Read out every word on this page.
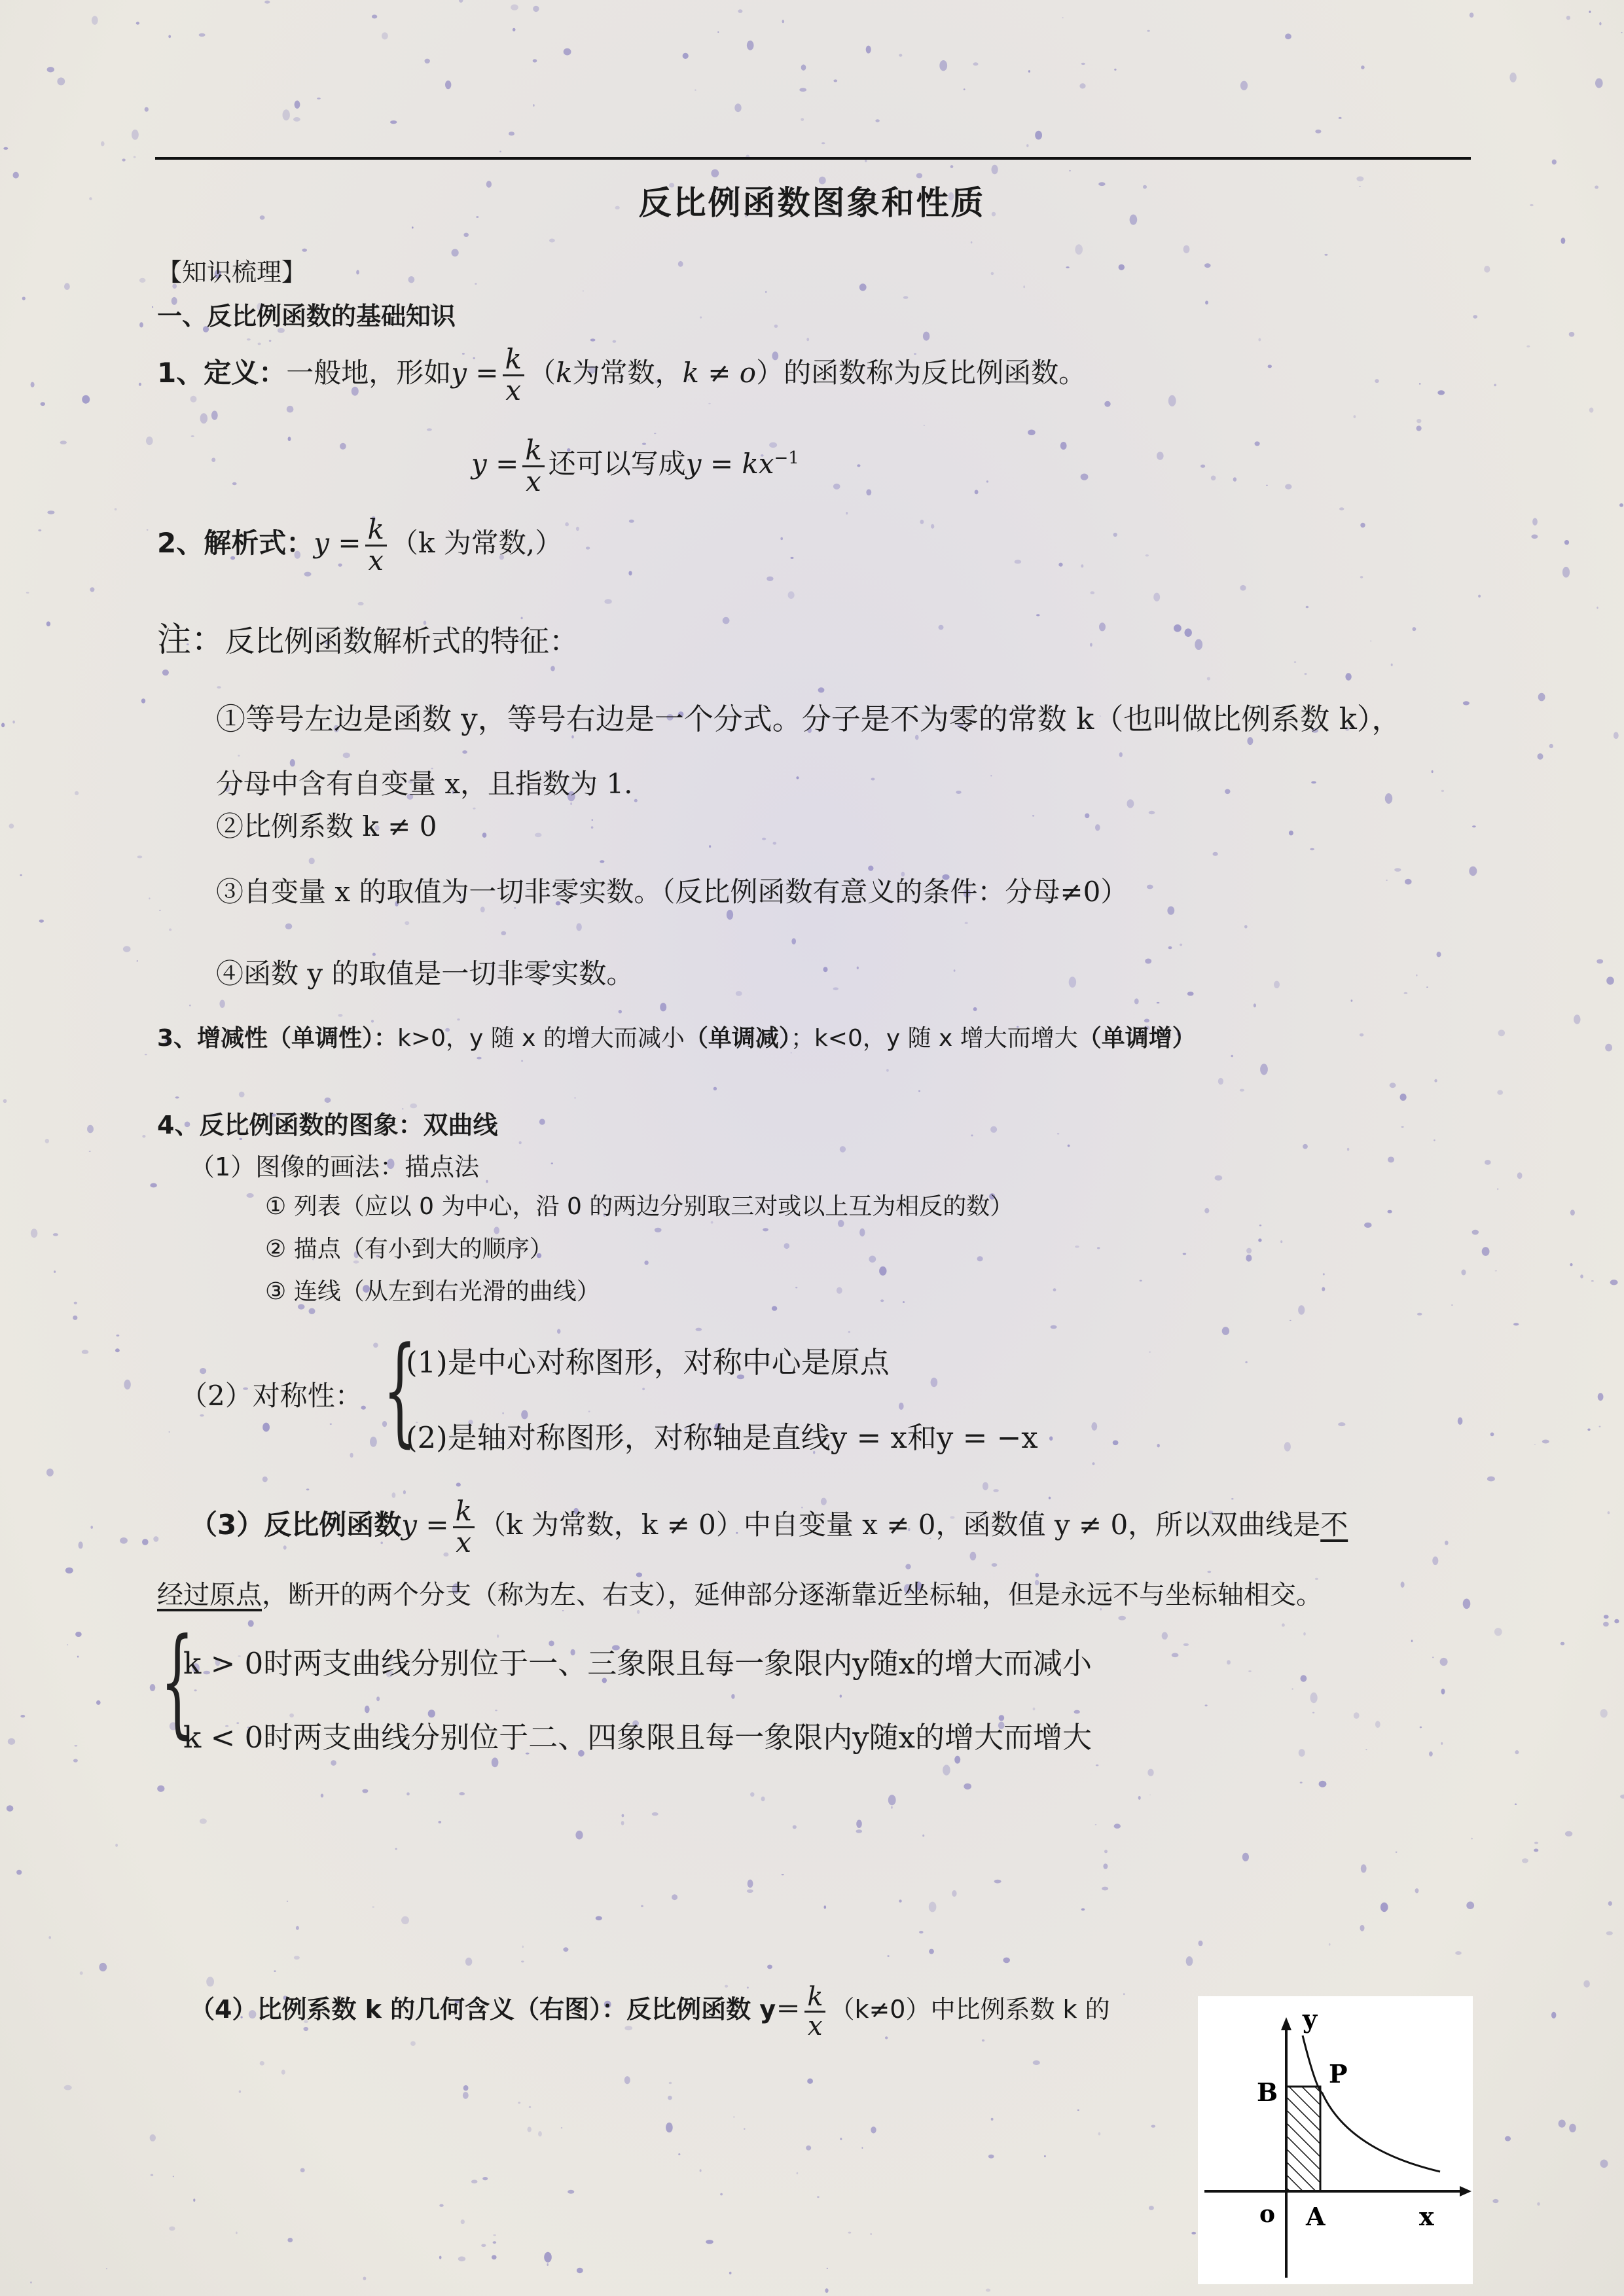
反比例函数图象和性质
【知识梳理】
一、反比例函数的基础知识
1、定义：一般地，形如$y = \frac{k}{x} (k$为常数，k ≠ o）的函数称为反比例函数。
$y = \frac{k}{x}$ 还可以写成$y = kx^{-1}$
2、解析式：$y = \frac{k}{x} (k$ 为常数,）
注：反比例函数解析式的特征：
①等号左边是函数 y，等号右边是一个分式。分子是不为零的常数 k（也叫做比例系数 k），
分母中含有自变量 x，且指数为 1.
②比例系数 k ≠ 0
③自变量 x 的取值为一切非零实数。（反比例函数有意义的条件：分母≠0）
④函数 y 的取值是一切非零实数。
3、增减性（单调性）：k>0，y 随 x 的增大而减小（单调减）；k<0，y 随 x 增大而增大（单调增）
4、反比例函数的图象：双曲线
（1）图像的画法：描点法
① 列表（应以 0 为中心，沿 0 的两边分别取三对或以上互为相反的数）
② 描点（有小到大的顺序）
③ 连线（从左到右光滑的曲线）
（2）对称性： {
(1)是中心对称图形，对称中心是原点
(2)是轴对称图形，对称轴是直线y = x和y = −x
（3）反比例函数$y = \frac{k}{x} (k$ 为常数，k ≠ 0）中自变量 x ≠ 0，函数值 y ≠ 0，所以双曲线是不
经过原点，断开的两个分支（称为左、右支），延伸部分逐渐靠近坐标轴，但是永远不与坐标轴相交。
{
k > 0时两支曲线分别位于一、三象限且每一象限内y随x的增大而减小
k < 0时两支曲线分别位于二、四象限且每一象限内y随x的增大而增大
（4）比例系数 k 的几何含义（右图）：反比例函数 $y= \frac{k}{x} (k\ne 0)$中比例系数 k 的	y
x
o A
B
P
